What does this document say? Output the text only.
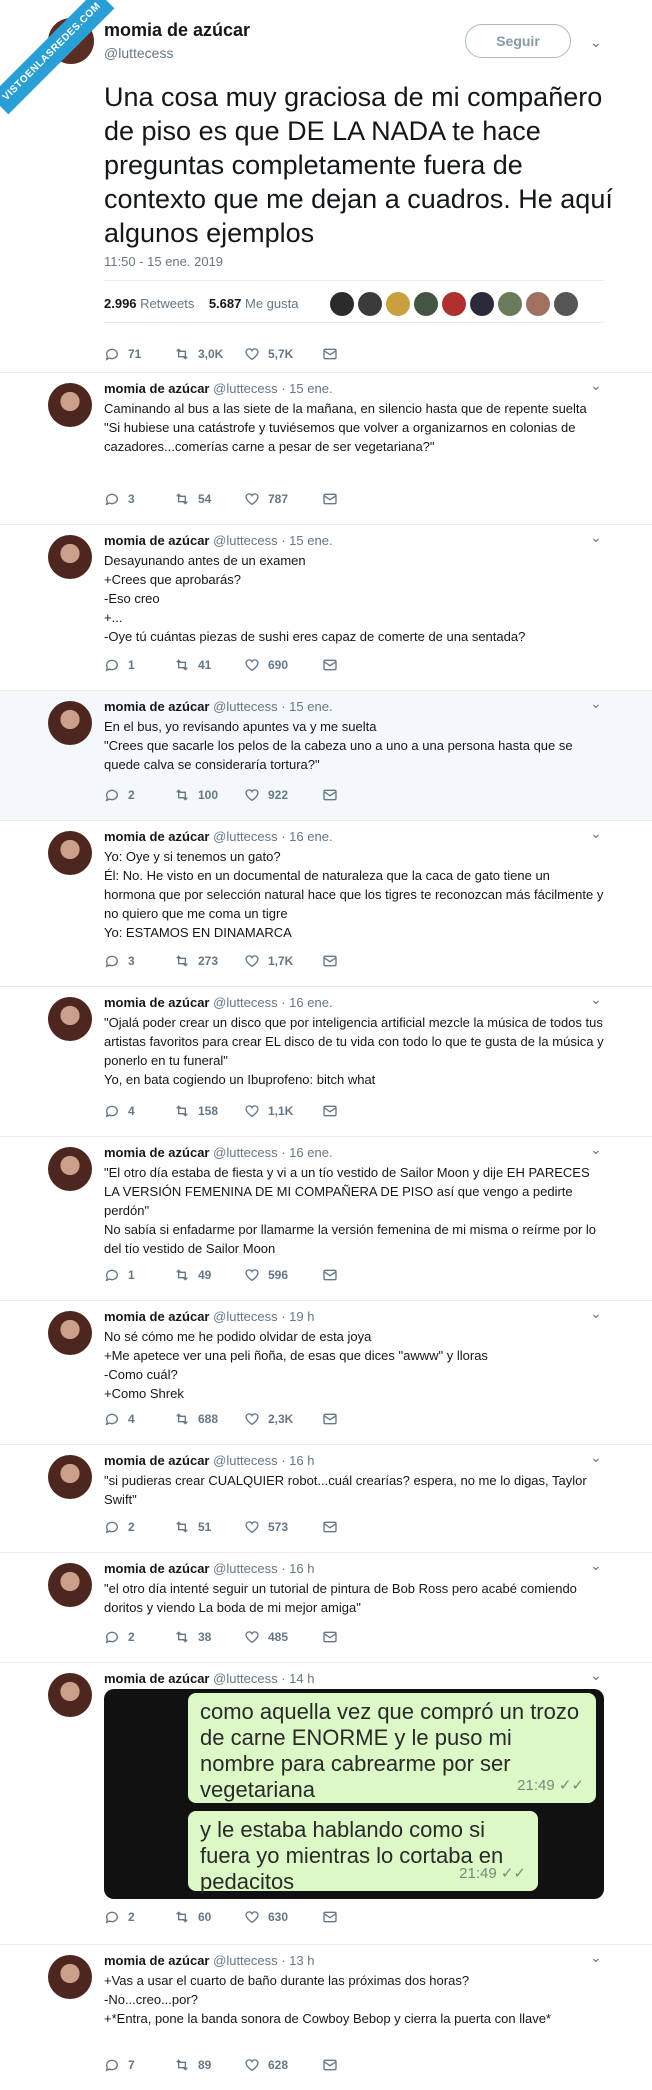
momia de azúcar
@luttecess
Seguir	⌄
Una cosa muy graciosa de mi compañero de piso es que DE LA NADA te hace preguntas completamente fuera de contexto que me dejan a cuadros. He aquí algunos ejemplos
11:50 - 15 ene. 2019
2.996 Retweets 5.687 Me gusta
71	3,0K	5,7K
momia de azúcar @luttecess · 15 ene.	⌄
Caminando al bus a las siete de la mañana, en silencio hasta que de repente suelta
"Si hubiese una catástrofe y tuviésemos que volver a organizarnos en colonias de cazadores...comerías carne a pesar de ser vegetariana?"
3	54	787
momia de azúcar @luttecess · 15 ene.	⌄
Desayunando antes de un examen
+Crees que aprobarás?
-Eso creo
+...
-Oye tú cuántas piezas de sushi eres capaz de comerte de una sentada?
1	41	690
momia de azúcar @luttecess · 15 ene.	⌄
En el bus, yo revisando apuntes va y me suelta
"Crees que sacarle los pelos de la cabeza uno a uno a una persona hasta que se quede calva se consideraría tortura?"
2	100	922
momia de azúcar @luttecess · 16 ene.	⌄
Yo: Oye y si tenemos un gato?
Él: No. He visto en un documental de naturaleza que la caca de gato tiene un hormona que por selección natural hace que los tigres te reconozcan más fácilmente y no quiero que me coma un tigre
Yo: ESTAMOS EN DINAMARCA
3	273	1,7K
momia de azúcar @luttecess · 16 ene.	⌄
"Ojalá poder crear un disco que por inteligencia artificial mezcle la música de todos tus artistas favoritos para crear EL disco de tu vida con todo lo que te gusta de la música y ponerlo en tu funeral"
Yo, en bata cogiendo un Ibuprofeno: bitch what
4	158	1,1K
momia de azúcar @luttecess · 16 ene.	⌄
"El otro día estaba de fiesta y vi a un tío vestido de Sailor Moon y dije EH PARECES LA VERSIÓN FEMENINA DE MI COMPAÑERA DE PISO así que vengo a pedirte perdón"
No sabía si enfadarme por llamarme la versión femenina de mi misma o reírme por lo del tío vestido de Sailor Moon
1	49	596
momia de azúcar @luttecess · 19 h	⌄
No sé cómo me he podido olvidar de esta joya
+Me apetece ver una peli ñoña, de esas que dices "awww" y lloras
-Como cuál?
+Como Shrek
4	688	2,3K
momia de azúcar @luttecess · 16 h	⌄
"si pudieras crear CUALQUIER robot...cuál crearías? espera, no me lo digas, Taylor Swift"
2	51	573
momia de azúcar @luttecess · 16 h	⌄
"el otro día intenté seguir un tutorial de pintura de Bob Ross pero acabé comiendo doritos y viendo La boda de mi mejor amiga"
2	38	485
momia de azúcar @luttecess · 14 h	⌄
como aquella vez que compró un trozo de carne ENORME y le puso mi nombre para cabrearme por ser vegetariana	21:49 ✓✓
y le estaba hablando como si fuera yo mientras lo cortaba en pedacitos	21:49 ✓✓
2	60	630
momia de azúcar @luttecess · 13 h	⌄
+Vas a usar el cuarto de baño durante las próximas dos horas?
-No...creo...por?
+*Entra, pone la banda sonora de Cowboy Bebop y cierra la puerta con llave*
7	89	628
VISTOENLASREDES.COM
